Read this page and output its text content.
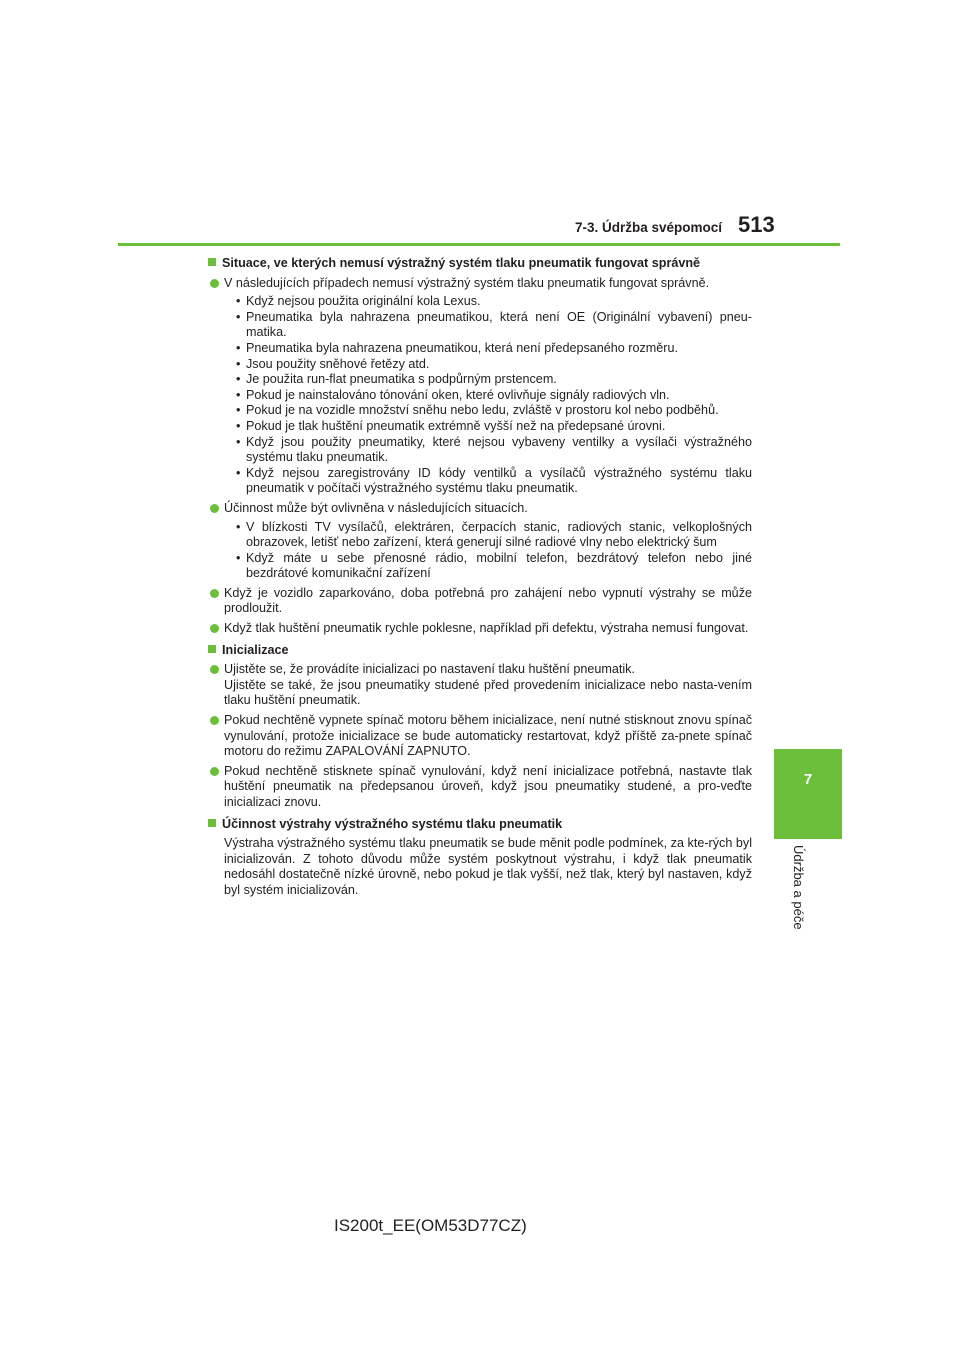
7-3. Údržba svépomocí 513
7
Údržba a péče
Situace, ve kterých nemusí výstražný systém tlaku pneumatik fungovat správně

V následujících případech nemusí výstražný systém tlaku pneumatik fungovat správně.

• Když nejsou použita originální kola Lexus.
• Pneumatika byla nahrazena pneumatikou, která není OE (Originální vybavení) pneu-matika.
• Pneumatika byla nahrazena pneumatikou, která není předepsaného rozměru.
• Jsou použity sněhové řetězy atd.
• Je použita run-flat pneumatika s podpůrným prstencem.
• Pokud je nainstalováno tónování oken, které ovlivňuje signály radiových vln.
• Pokud je na vozidle množství sněhu nebo ledu, zvláště v prostoru kol nebo podběhů.
• Pokud je tlak huštění pneumatik extrémně vyšší než na předepsané úrovni.
• Když jsou použity pneumatiky, které nejsou vybaveny ventilky a vysílači výstražného systému tlaku pneumatik.
• Když nejsou zaregistrovány ID kódy ventilků a vysílačů výstražného systému tlaku pneumatik v počítači výstražného systému tlaku pneumatik.

Účinnost může být ovlivněna v následujících situacích.

• V blízkosti TV vysílačů, elektráren, čerpacích stanic, radiových stanic, velkoplošných obrazovek, letišť nebo zařízení, která generují silné radiové vlny nebo elektrický šum
• Když máte u sebe přenosné rádio, mobilní telefon, bezdrátový telefon nebo jiné bezdrátové komunikační zařízení

Když je vozidlo zaparkováno, doba potřebná pro zahájení nebo vypnutí výstrahy se může prodloužit.

Když tlak huštění pneumatik rychle poklesne, například při defektu, výstraha nemusí fungovat.

Inicializace

Ujistěte se, že provádíte inicializaci po nastavení tlaku huštění pneumatik.

Ujistěte se také, že jsou pneumatiky studené před provedením inicializace nebo nasta-vením tlaku huštění pneumatik.

Pokud nechtěně vypnete spínač motoru během inicializace, není nutné stisknout znovu spínač vynulování, protože inicializace se bude automaticky restartovat, když příště za-pnete spínač motoru do režimu ZAPALOVÁNÍ ZAPNUTO.

Pokud nechtěně stisknete spínač vynulování, když není inicializace potřebná, nastavte tlak huštění pneumatik na předepsanou úroveň, když jsou pneumatiky studené, a pro-veďte inicializaci znovu.

Účinnost výstrahy výstražného systému tlaku pneumatik

Výstraha výstražného systému tlaku pneumatik se bude měnit podle podmínek, za kte-rých byl inicializován. Z tohoto důvodu může systém poskytnout výstrahu, i když tlak pneumatik nedosáhl dostatečně nízké úrovně, nebo pokud je tlak vyšší, než tlak, který byl nastaven, když byl systém inicializován.

IS200t_EE(OM53D77CZ)
